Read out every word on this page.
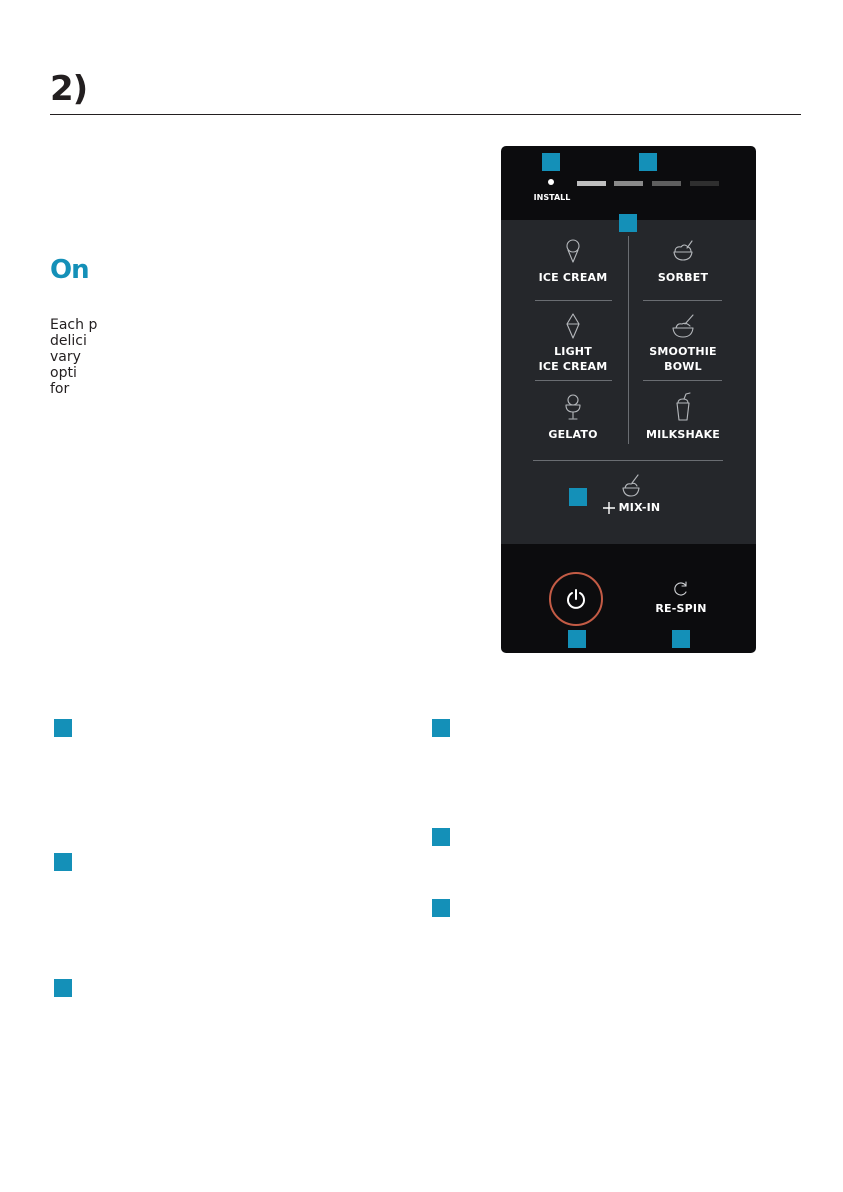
2)
On
Each p
delici
vary
opti
for
INSTALL
ICE CREAM	SORBET
LIGHT
ICE CREAM
SMOOTHIE
BOWL
GELATO	MILKSHAKE
MIX-IN
RE-SPIN
